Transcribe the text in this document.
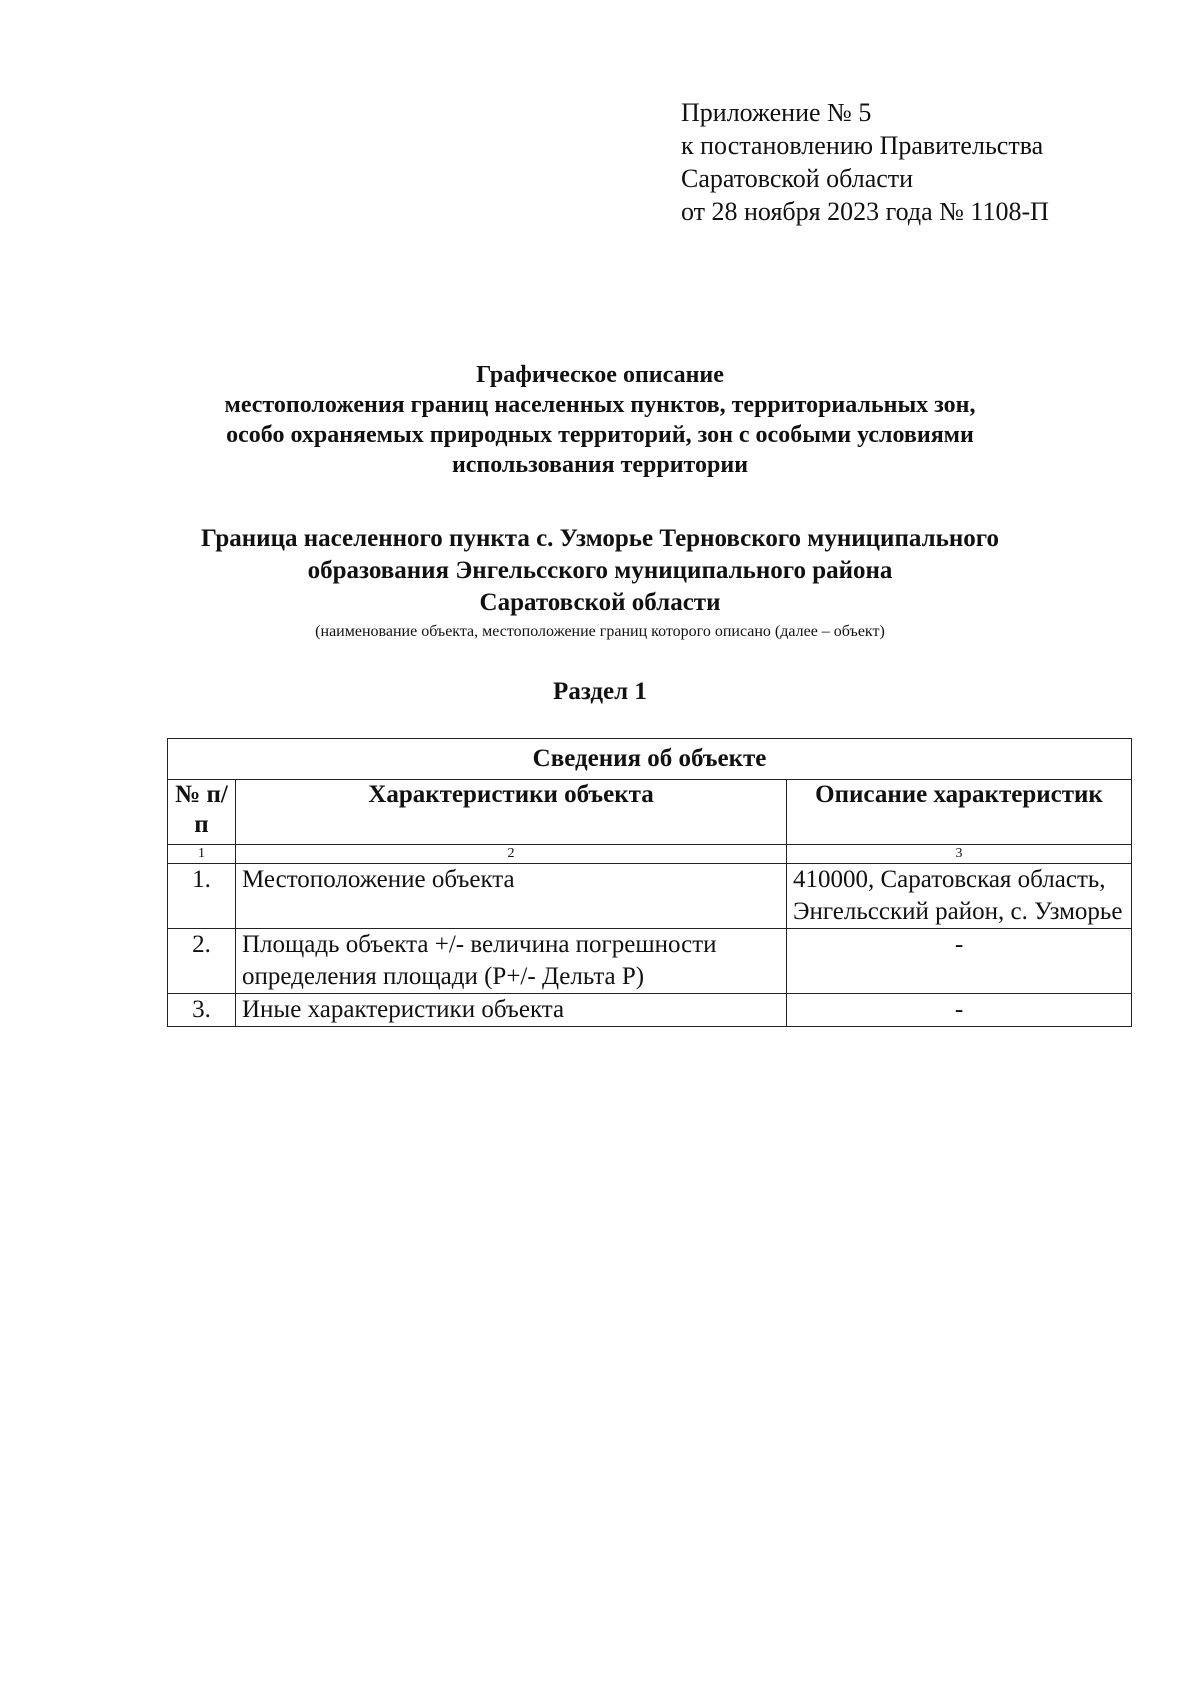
Приложение № 5
к постановлению Правительства
Саратовской области
от 28 ноября 2023 года № 1108-П
Графическое описание
местоположения границ населенных пунктов, территориальных зон,
особо охраняемых природных территорий, зон с особыми условиями
использования территории
Граница населенного пункта с. Узморье Терновского муниципального
образования Энгельсского муниципального района
Саратовской области
(наименование объекта, местоположение границ которого описано (далее – объект)
Раздел 1
Сведения об объекте		
№ п/п	Характеристики объекта	Описание характеристик
1	2	3
1.	Местоположение объекта	410000, Саратовская область, Энгельсский район, с. Узморье
2.	Площадь объекта +/- величина погрешности определения площади (Р+/- Дельта Р)	-
3.	Иные характеристики объекта	-
